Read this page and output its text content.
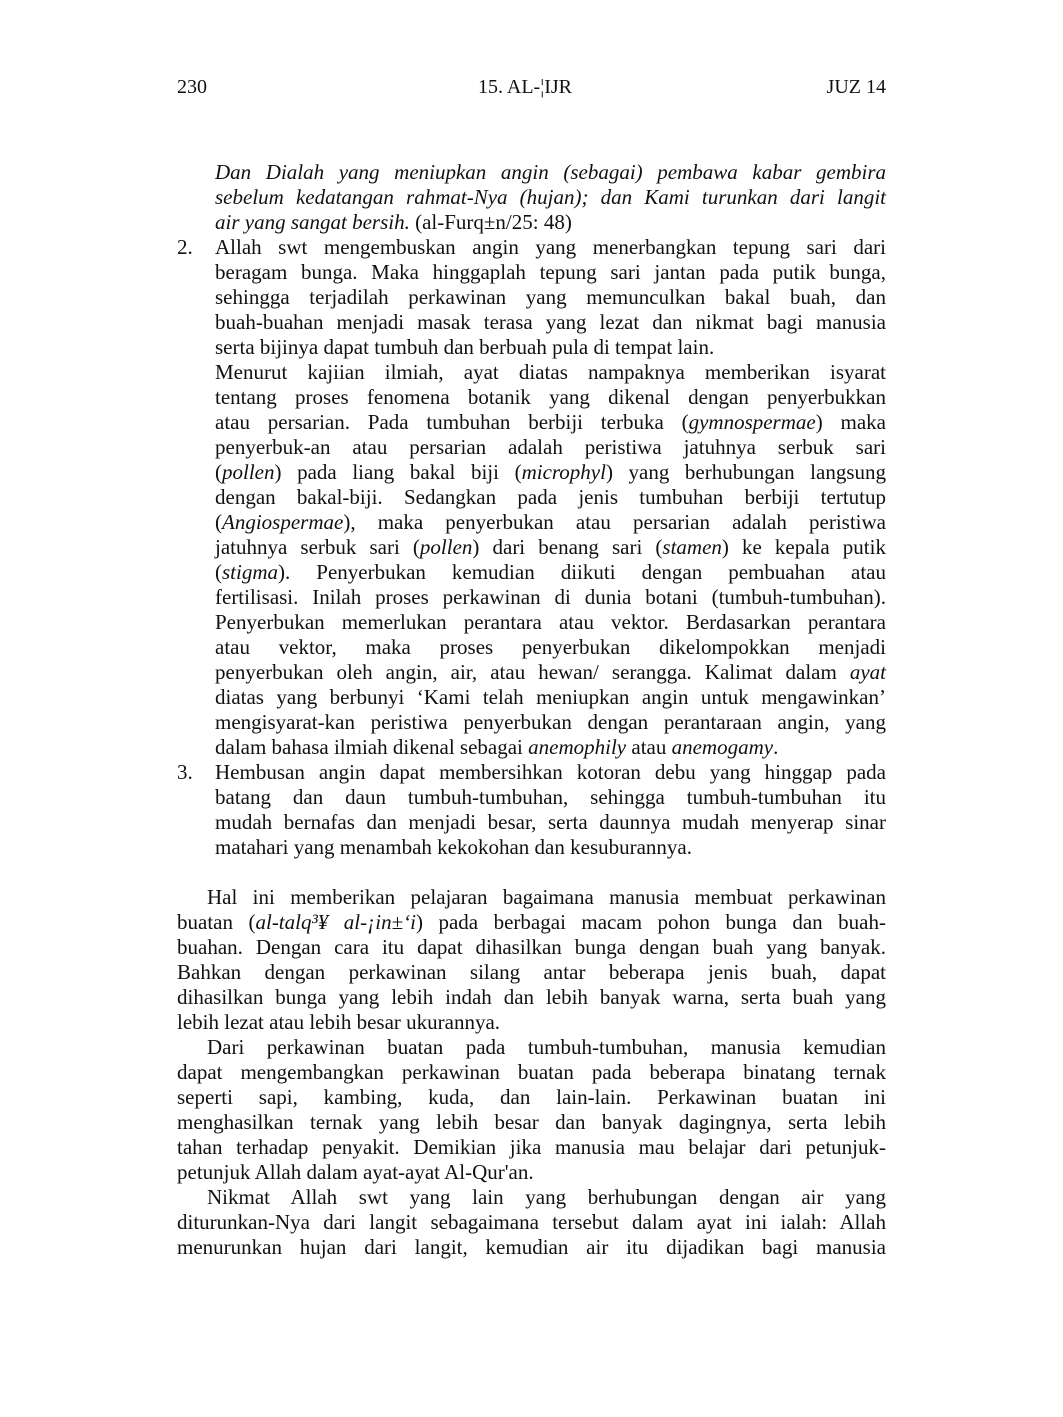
230	15. AL-¦IJR	JUZ 14
Dan Dialah yang meniupkan angin (sebagai) pembawa kabar gembira
sebelum kedatangan rahmat-Nya (hujan); dan Kami turunkan dari langit
air yang sangat bersih. (al-Furq±n/25: 48)
2. Allah swt mengembuskan angin yang menerbangkan tepung sari dari
beragam bunga. Maka hinggaplah tepung sari jantan pada putik bunga,
sehingga terjadilah perkawinan yang memunculkan bakal buah, dan
buah-buahan menjadi masak terasa yang lezat dan nikmat bagi manusia
serta bijinya dapat tumbuh dan berbuah pula di tempat lain.
Menurut kajiian ilmiah, ayat diatas nampaknya memberikan isyarat
tentang proses fenomena botanik yang dikenal dengan penyerbukkan
atau persarian. Pada tumbuhan berbiji terbuka (gymnospermae) maka
penyerbuk-an atau persarian adalah peristiwa jatuhnya serbuk sari
(pollen) pada liang bakal biji (microphyl) yang berhubungan langsung
dengan bakal-biji. Sedangkan pada jenis tumbuhan berbiji tertutup
(Angiospermae), maka penyerbukan atau persarian adalah peristiwa
jatuhnya serbuk sari (pollen) dari benang sari (stamen) ke kepala putik
(stigma). Penyerbukan kemudian diikuti dengan pembuahan atau
fertilisasi. Inilah proses perkawinan di dunia botani (tumbuh-tumbuhan).
Penyerbukan memerlukan perantara atau vektor. Berdasarkan perantara
atau vektor, maka proses penyerbukan dikelompokkan menjadi
penyerbukan oleh angin, air, atau hewan/ serangga. Kalimat dalam ayat
diatas yang berbunyi ‘Kami telah meniupkan angin untuk mengawinkan’
mengisyarat-kan peristiwa penyerbukan dengan perantaraan angin, yang
dalam bahasa ilmiah dikenal sebagai anemophily atau anemogamy.
3. Hembusan angin dapat membersihkan kotoran debu yang hinggap pada
batang dan daun tumbuh-tumbuhan, sehingga tumbuh-tumbuhan itu
mudah bernafas dan menjadi besar, serta daunnya mudah menyerap sinar
matahari yang menambah kekokohan dan kesuburannya.
Hal ini memberikan pelajaran bagaimana manusia membuat perkawinan
buatan (al-talq³¥ al-¡in±‘i) pada berbagai macam pohon bunga dan buah-
buahan. Dengan cara itu dapat dihasilkan bunga dengan buah yang banyak.
Bahkan dengan perkawinan silang antar beberapa jenis buah, dapat
dihasilkan bunga yang lebih indah dan lebih banyak warna, serta buah yang
lebih lezat atau lebih besar ukurannya.
Dari perkawinan buatan pada tumbuh-tumbuhan, manusia kemudian
dapat mengembangkan perkawinan buatan pada beberapa binatang ternak
seperti sapi, kambing, kuda, dan lain-lain. Perkawinan buatan ini
menghasilkan ternak yang lebih besar dan banyak dagingnya, serta lebih
tahan terhadap penyakit. Demikian jika manusia mau belajar dari petunjuk-
petunjuk Allah dalam ayat-ayat Al-Qur'an.
Nikmat Allah swt yang lain yang berhubungan dengan air yang
diturunkan-Nya dari langit sebagaimana tersebut dalam ayat ini ialah: Allah
menurunkan hujan dari langit, kemudian air itu dijadikan bagi manusia
